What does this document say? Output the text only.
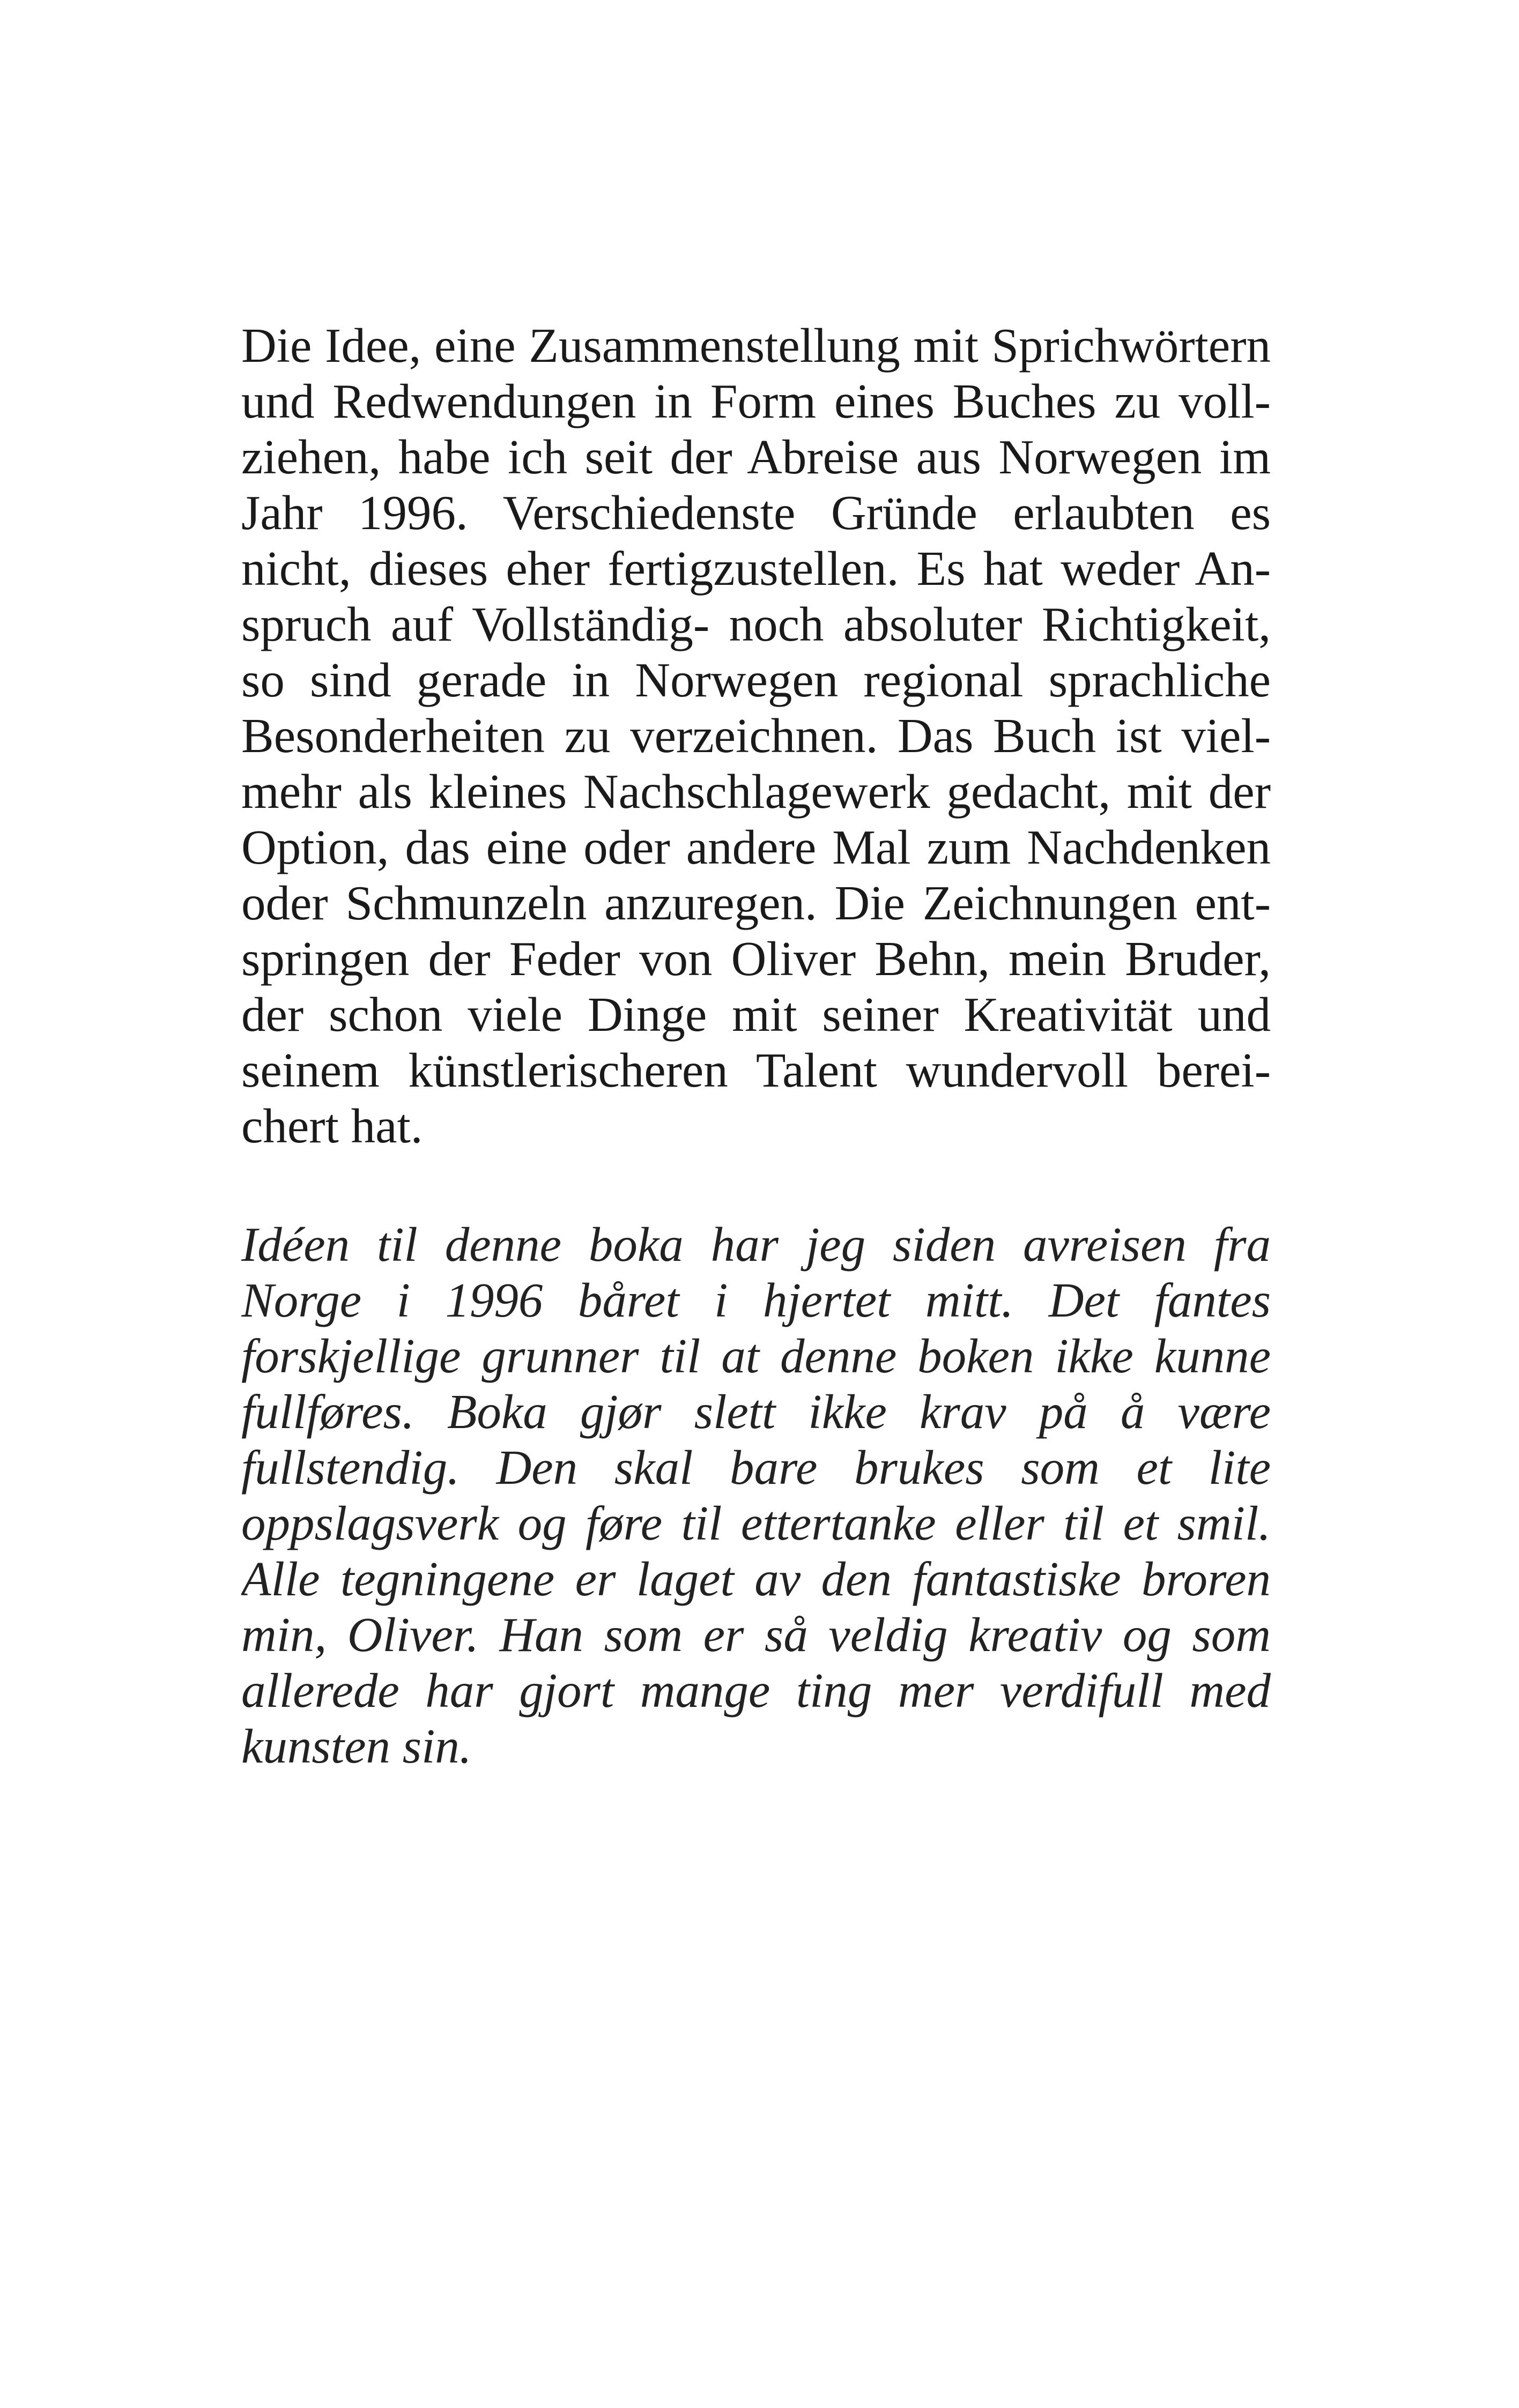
Die Idee, eine Zusammenstellung mit Sprichwörtern
und Redwendungen in Form eines Buches zu voll-
ziehen, habe ich seit der Abreise aus Norwegen im
Jahr 1996. Verschiedenste Gründe erlaubten es
nicht, dieses eher fertigzustellen. Es hat weder An-
spruch auf Vollständig- noch absoluter Richtigkeit,
so sind gerade in Norwegen regional sprachliche
Besonderheiten zu verzeichnen. Das Buch ist viel-
mehr als kleines Nachschlagewerk gedacht, mit der
Option, das eine oder andere Mal zum Nachdenken
oder Schmunzeln anzuregen. Die Zeichnungen ent-
springen der Feder von Oliver Behn, mein Bruder,
der schon viele Dinge mit seiner Kreativität und
seinem künstlerischeren Talent wundervoll berei-
chert hat.
Idéen til denne boka har jeg siden avreisen fra
Norge i 1996 båret i hjertet mitt. Det fantes
forskjellige grunner til at denne boken ikke kunne
fullføres. Boka gjør slett ikke krav på å være
fullstendig. Den skal bare brukes som et lite
oppslagsverk og føre til ettertanke eller til et smil.
Alle tegningene er laget av den fantastiske broren
min, Oliver. Han som er så veldig kreativ og som
allerede har gjort mange ting mer verdifull med
kunsten sin.
